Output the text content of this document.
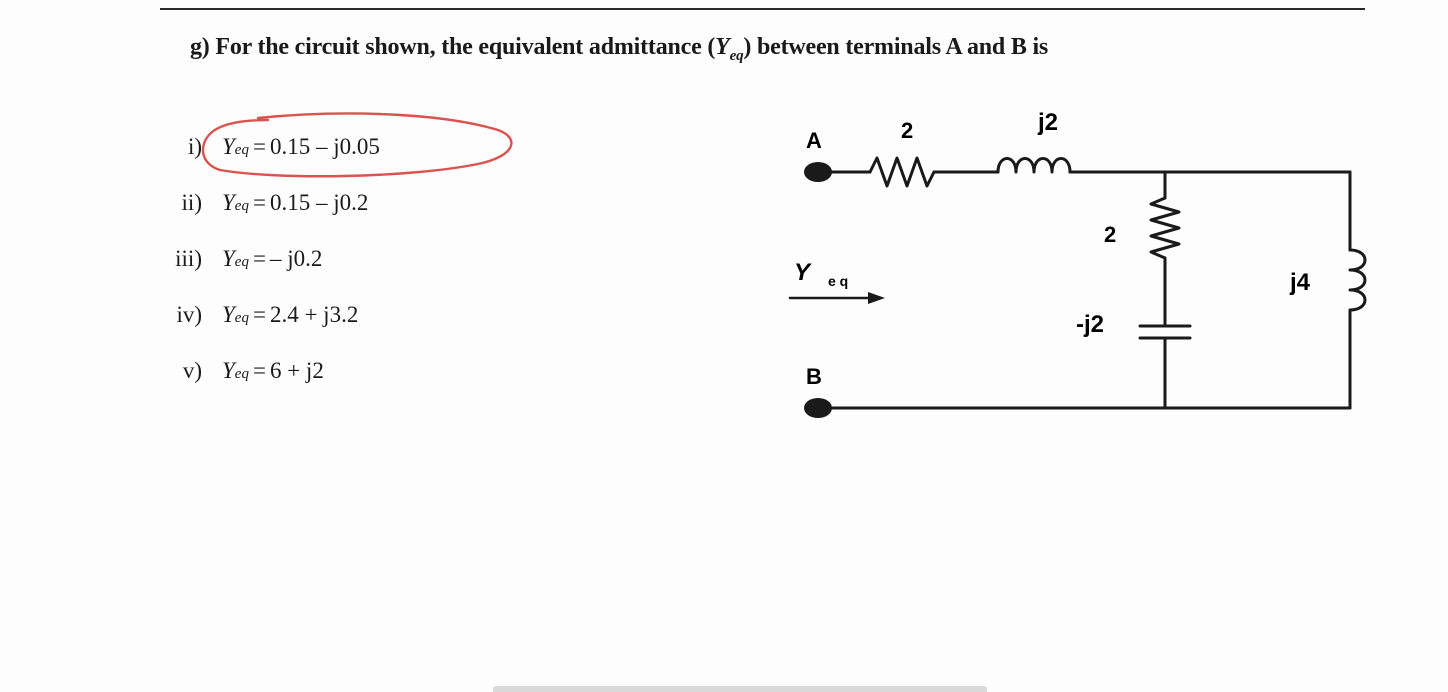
g) For the circuit shown, the equivalent admittance $(Y_{eq})$ between terminals A and B is
i) Y eq = 0.15 – j0.05
ii) Y eq = 0.15 – j0.2
iii) Y eq = – j0.2
iv) Y eq = 2.4 + j3.2
v) Y eq = 6 + j2
A
B
2	j2
2
-j2
j4
Y e q
